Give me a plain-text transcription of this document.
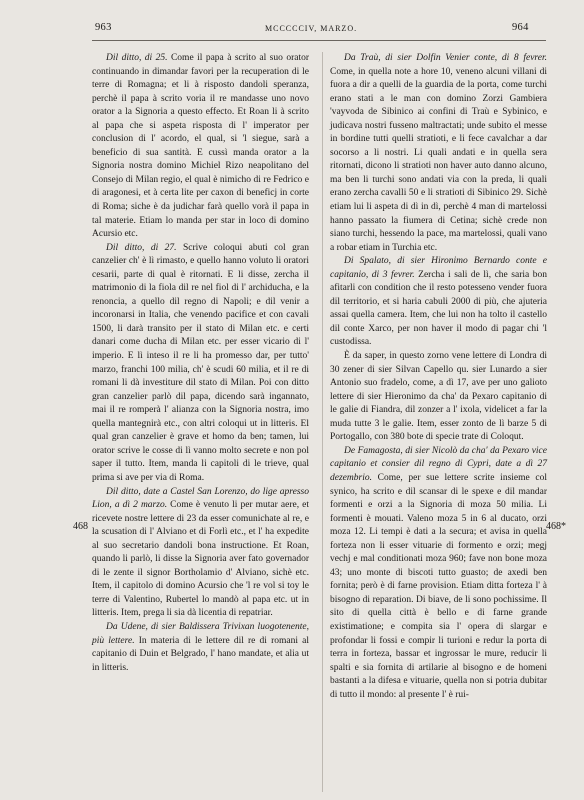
963	MCCCCCIV, MARZO.	964
468	468*

Dil ditto, di 25. Come il papa à scrito al suo orator continuando in dimandar favori per la recuperation di le terre di Romagna; et li à risposto dandoli speranza, perchè il papa à scrito voria il re mandasse uno novo orator a la Signoria a questo effecto. Et Roan li à scrito al papa che si aspeta risposta di l' imperator per conclusion di l' acordo, el qual, si 'l siegue, sarà a beneficio di sua santità. E cussì manda orator a la Signoria nostra domino Michiel Rizo neapolitano del Consejo di Milan regio, el qual è nimicho di re Fedrico e di aragonesi, et à certa lite per caxon di beneficj in corte di Roma; siche è da judichar farà quello vorà il papa in tal materie. Etiam lo manda per star in loco di domino Acursio etc.

Dil ditto, di 27. Scrive coloqui abuti col gran canzelier ch' è lì rimasto, e quello hanno voluto li oratori cesarii, parte di qual è ritornati. E li disse, zercha il matrimonio di la fiola dil re nel fiol di l' archiducha, e la renoncia, a quello dil regno di Napoli; e dil venir a incoronarsi in Italia, che venendo pacifice et con cavali 1500, li darà transito per il stato di Milan etc. e certi danari come ducha di Milan etc. per esser vicario di l' imperio. E lì inteso il re li ha promesso dar, per tutto' marzo, franchi 100 milia, ch' è scudi 60 milia, et il re di romani li dà investiture dil stato di Milan. Poi con ditto gran canzelier parlò dil papa, dicendo sarà ingannato, mai il re romperà l' alianza con la Signoria nostra, imo quella mantegnirà etc., con altri coloqui ut in litteris. El qual gran canzelier è grave et homo da ben; tamen, lui orator scrive le cosse di lì vanno molto secrete e non pol saper il tutto. Item, manda li capitoli di le trieve, qual prima si ave per via di Roma.

Dil ditto, date a Castel San Lorenzo, do lige apresso Lion, a dì 2 marzo. Come è venuto li per mutar aere, et ricevete nostre lettere di 23 da esser comunichate al re, e la scusation di l' Alviano et di Forlì etc., et l' ha expedite al suo secretario dandoli bona instructione. Et Roan, quando li parlò, li disse la Signoria aver fato governador di le zente il signor Bortholamio d' Alviano, sichè etc. Item, il capitolo di domino Acursio che 'l re vol si toy le terre di Valentino, Rubertel lo mandò al papa etc. ut in litteris. Item, prega li sia dà licentia di repatriar.

Da Udene, di sier Baldissera Trivixan luogotenente, più lettere. In materia di le lettere dil re di romani al capitanio di Duin et Belgrado, l' hano mandate, et alia ut in litteris.

Da Traù, di sier Dolfin Venier conte, di 8 fevrer. Come, in quella note a hore 10, veneno alcuni villani di fuora a dir a quelli de la guardia de la porta, come turchi erano stati a le man con domino Zorzi Gambiera 'vayvoda de Sibinico ai confini di Traù e Sybinico, e judicava nostri fusseno maltractati; unde subito el messe in bordine tutti quelli stratioti, e li fece cavalchar a dar socorso a li nostri. Li quali andati e in quella sera ritornati, dicono li stratioti non haver auto danno alcuno, ma ben li turchi sono andati via con la preda, li quali erano zercha cavalli 50 e li stratioti di Sibinico 29. Sichè etiam lui li aspeta di dì in dì, perchè 4 man di martelossi hanno passato la fiumera di Cetina; sichè crede non siano turchi, hessendo la pace, ma martelossi, quali vano a robar etiam in Turchia etc.

Di Spalato, di sier Hironimo Bernardo conte e capitanio, di 3 fevrer. Zercha i sali de lì, che saria bon afitarli con condition che il resto potesseno vender fuora dil territorio, et si haria cabuli 2000 di più, che ajuteria assai quella camera. Item, che lui non ha tolto il castello dil conte Xarco, per non haver il modo di pagar chi 'l custodissa.

È da saper, in questo zorno vene lettere di Londra di 30 zener di sier Silvan Capello qu. sier Lunardo a sier Antonio suo fradelo, come, a dì 17, ave per uno galioto lettere di sier Hieronimo da cha' da Pexaro capitanio di le galie di Fiandra, dil zonzer a l' ixola, videlicet a far la muda tutte 3 le galie. Item, esser zonto de lì barze 5 di Portogallo, con 380 bote di specie trate di Coloqut.

De Famagosta, di sier Nicolò da cha' da Pexaro vice capitanio et consier dil regno di Cypri, date a dì 27 dezembrio. Come, per sue lettere scrite insieme col synico, ha scrito e dil scansar di le spexe e dil mandar formenti e orzi a la Signoria di moza 50 milia. Li formenti è mouati. Valeno moza 5 in 6 al ducato, orzi moza 12. Li tempi è dati a la secura; et avisa in quella forteza non li esser vituarie di formento e orzi; megj vechj e mal conditionati moza 960; fave non bone moza 43; uno monte di biscoti tutto guasto; de axedi ben fornita; però è di farne provision. Etiam ditta forteza l' à bisogno di reparation. Di biave, de li sono pochissime. Il sito di quella città è bello e di farne grande existimatione; e compita sia l' opera di slargar e profondar li fossi e compir li turioni e redur la porta di terra in forteza, bassar et ingrossar le mure, reducir li spalti e sia fornita di artilarie al bisogno e de homeni bastanti a la difesa e vituarie, quella non si potria dubitar di tutto il mondo: al presente l' è rui-
